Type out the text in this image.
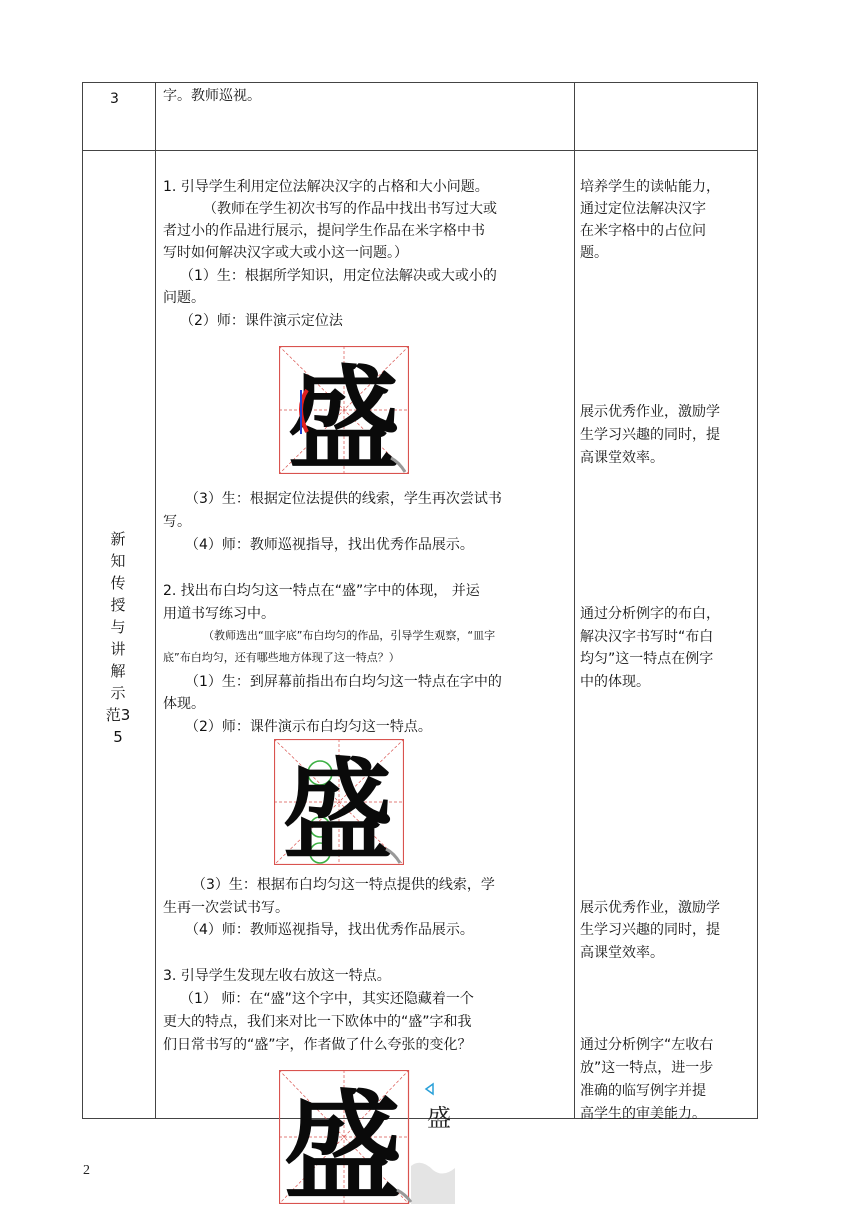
3	字。教师巡视。
新知传授与讲解示范35
1. 引导学生利用定位法解决汉字的占格和大小问题。
（教师在学生初次书写的作品中找出书写过大或
者过小的作品进行展示，提问学生作品在米字格中书
写时如何解决汉字或大或小这一问题。）
（1）生：根据所学知识，用定位法解决或大或小的
问题。
（2）师：课件演示定位法
盛
（3）生：根据定位法提供的线索，学生再次尝试书
写。
（4）师：教师巡视指导，找出优秀作品展示。
2. 找出布白均匀这一特点在“盛”字中的体现， 并运
用道书写练习中。
（教师选出“皿字底”布白均匀的作品，引导学生观察，“皿字
底”布白均匀，还有哪些地方体现了这一特点？）
（1）生：到屏幕前指出布白均匀这一特点在字中的
体现。
（2）师：课件演示布白均匀这一特点。
盛
（3）生：根据布白均匀这一特点提供的线索，学
生再一次尝试书写。
（4）师：教师巡视指导，找出优秀作品展示。
3. 引导学生发现左收右放这一特点。
（1） 师：在“盛”这个字中，其实还隐藏着一个
更大的特点，我们来对比一下欧体中的“盛”字和我
们日常书写的“盛”字，作者做了什么夸张的变化？
盛 盛
培养学生的读帖能力，
通过定位法解决汉字
在米字格中的占位问
题。
展示优秀作业，激励学
生学习兴趣的同时，提
高课堂效率。
通过分析例字的布白，
解决汉字书写时“布白
均匀”这一特点在例字
中的体现。
展示优秀作业，激励学
生学习兴趣的同时，提
高课堂效率。
通过分析例字“左收右
放”这一特点，进一步
准确的临写例字并提
高学生的审美能力。
2
